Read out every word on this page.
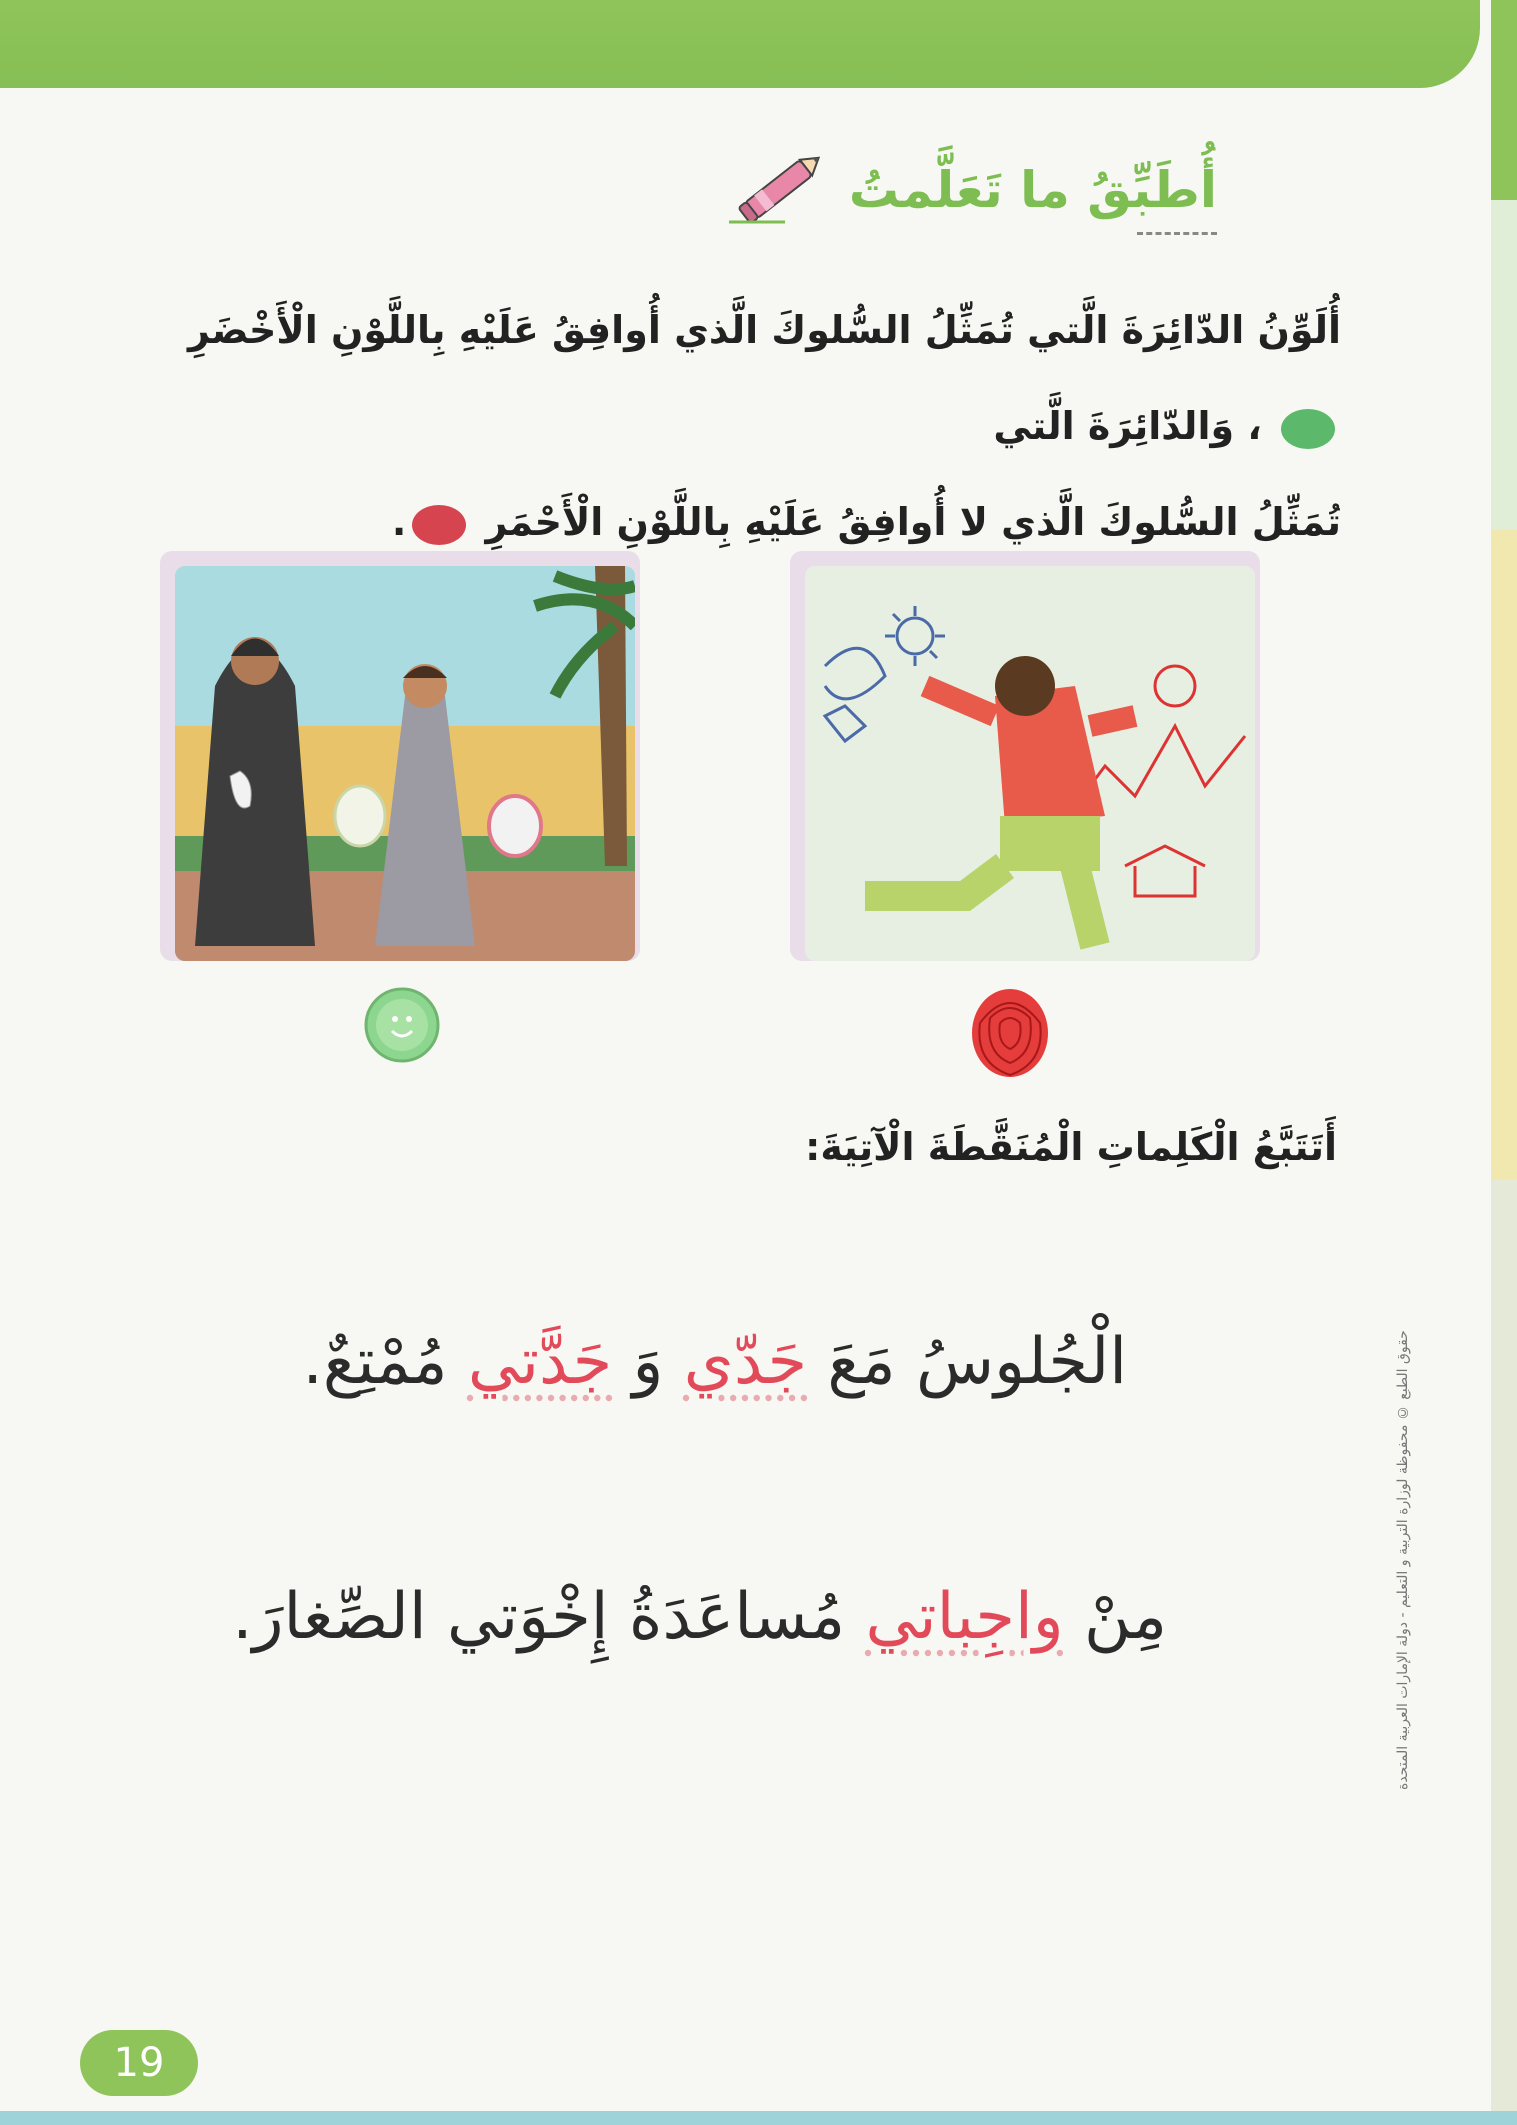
أُطَبِّقُ ما تَعَلَّمتُ
أُلَوِّنُ الدّائِرَةَ الَّتي تُمَثِّلُ السُّلوكَ الَّذي أُوافِقُ عَلَيْهِ بِاللَّوْنِ الْأَخْضَرِ  ، وَالدّائِرَةَ الَّتي
تُمَثِّلُ السُّلوكَ الَّذي لا أُوافِقُ عَلَيْهِ بِاللَّوْنِ الْأَحْمَرِ .
أَتَتَبَّعُ الْكَلِماتِ الْمُنَقَّطَةَ الْآتِيَةَ:
الْجُلوسُ مَعَ جَدّي وَ جَدَّتي مُمْتِعٌ.
مِنْ واجِباتي مُساعَدَةُ إِخْوَتي الصِّغارَ.	حقوق الطبع © محفوظة لوزارة التربية و التعليم - دولة الإمارات العربية المتحدة
19
